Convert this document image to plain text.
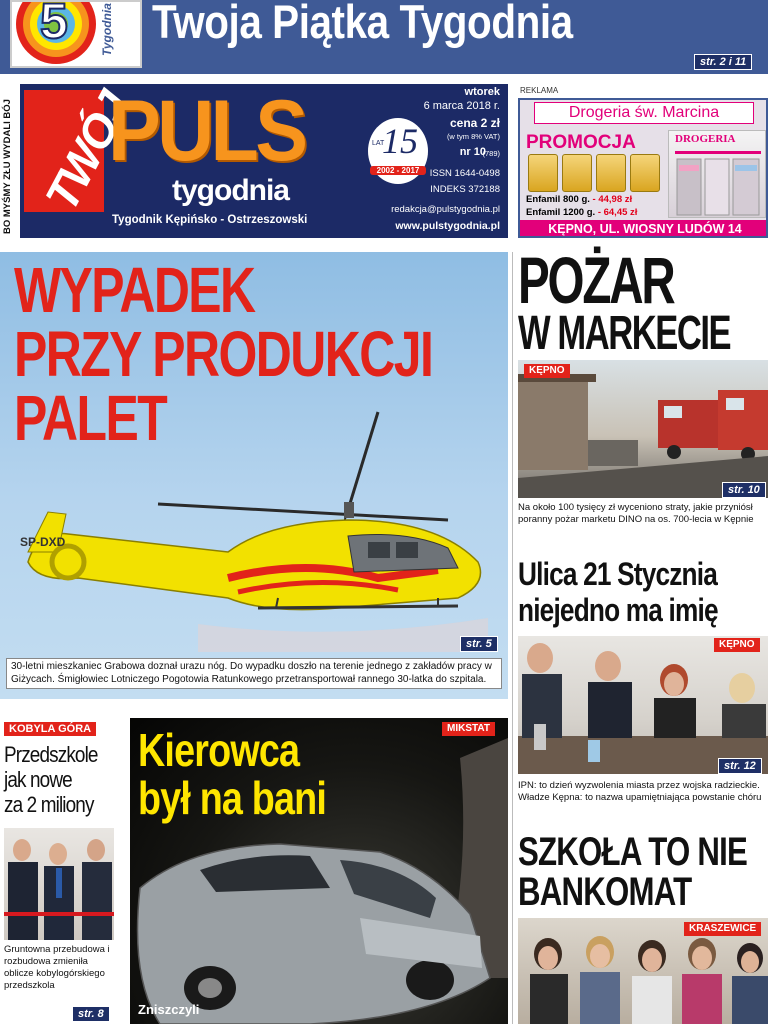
5	Tygodnia Twoja Piątka Tygodnia
str. 2 i 11
BO MYŚMY ZŁU WYDALI BÓJ TWÓJ
PULS
tygodnia
Tygodnik Kępińsko - Ostrzeszowski
15
LAT
2002 - 2017
wtorek
6 marca 2018 r.
cena 2 zł
(w tym 8% VAT)
nr 10
(789)
ISSN 1644-0498
INDEKS 372188
redakcja@pulstygodnia.pl
www.pulstygodnia.pl
REKLAMA
Drogeria św. Marcina
PROMOCJA
Enfamil 800 g. - 44,98 zł
Enfamil 1200 g. - 64,45 zł
DROGERIA
KĘPNO, UL. WIOSNY LUDÓW 14
WYPADEK
PRZY PRODUKCJI
PALET
SP-DXD
str. 5
30-letni mieszkaniec Grabowa doznał urazu nóg. Do wypadku doszło na terenie jednego z zakładów pracy w Giżycach. Śmigłowiec Lotniczego Pogotowia Ratunkowego przetransportował rannego 30-latka do szpitala.
POŻAR
W MARKECIE
KĘPNO
str. 10
Na około 100 tysięcy zł wyceniono straty, jakie przyniósł poranny pożar marketu DINO na os. 700-lecia w Kępnie
Ulica 21 Stycznia
niejedno ma imię
KĘPNO
str. 12
IPN: to dzień wyzwolenia miasta przez wojska radzieckie. Władze Kępna: to nazwa upamiętniająca powstanie chóru
SZKOŁA TO NIE
BANKOMAT
KRASZEWICE
KOBYLA GÓRA
Przedszkole
jak nowe
za 2 miliony
Gruntowna przebudowa i rozbudowa zmieniła oblicze kobylogórskiego przedszkola
str. 8
Kierowca
był na bani
MIKSTAT
Zniszczyli
